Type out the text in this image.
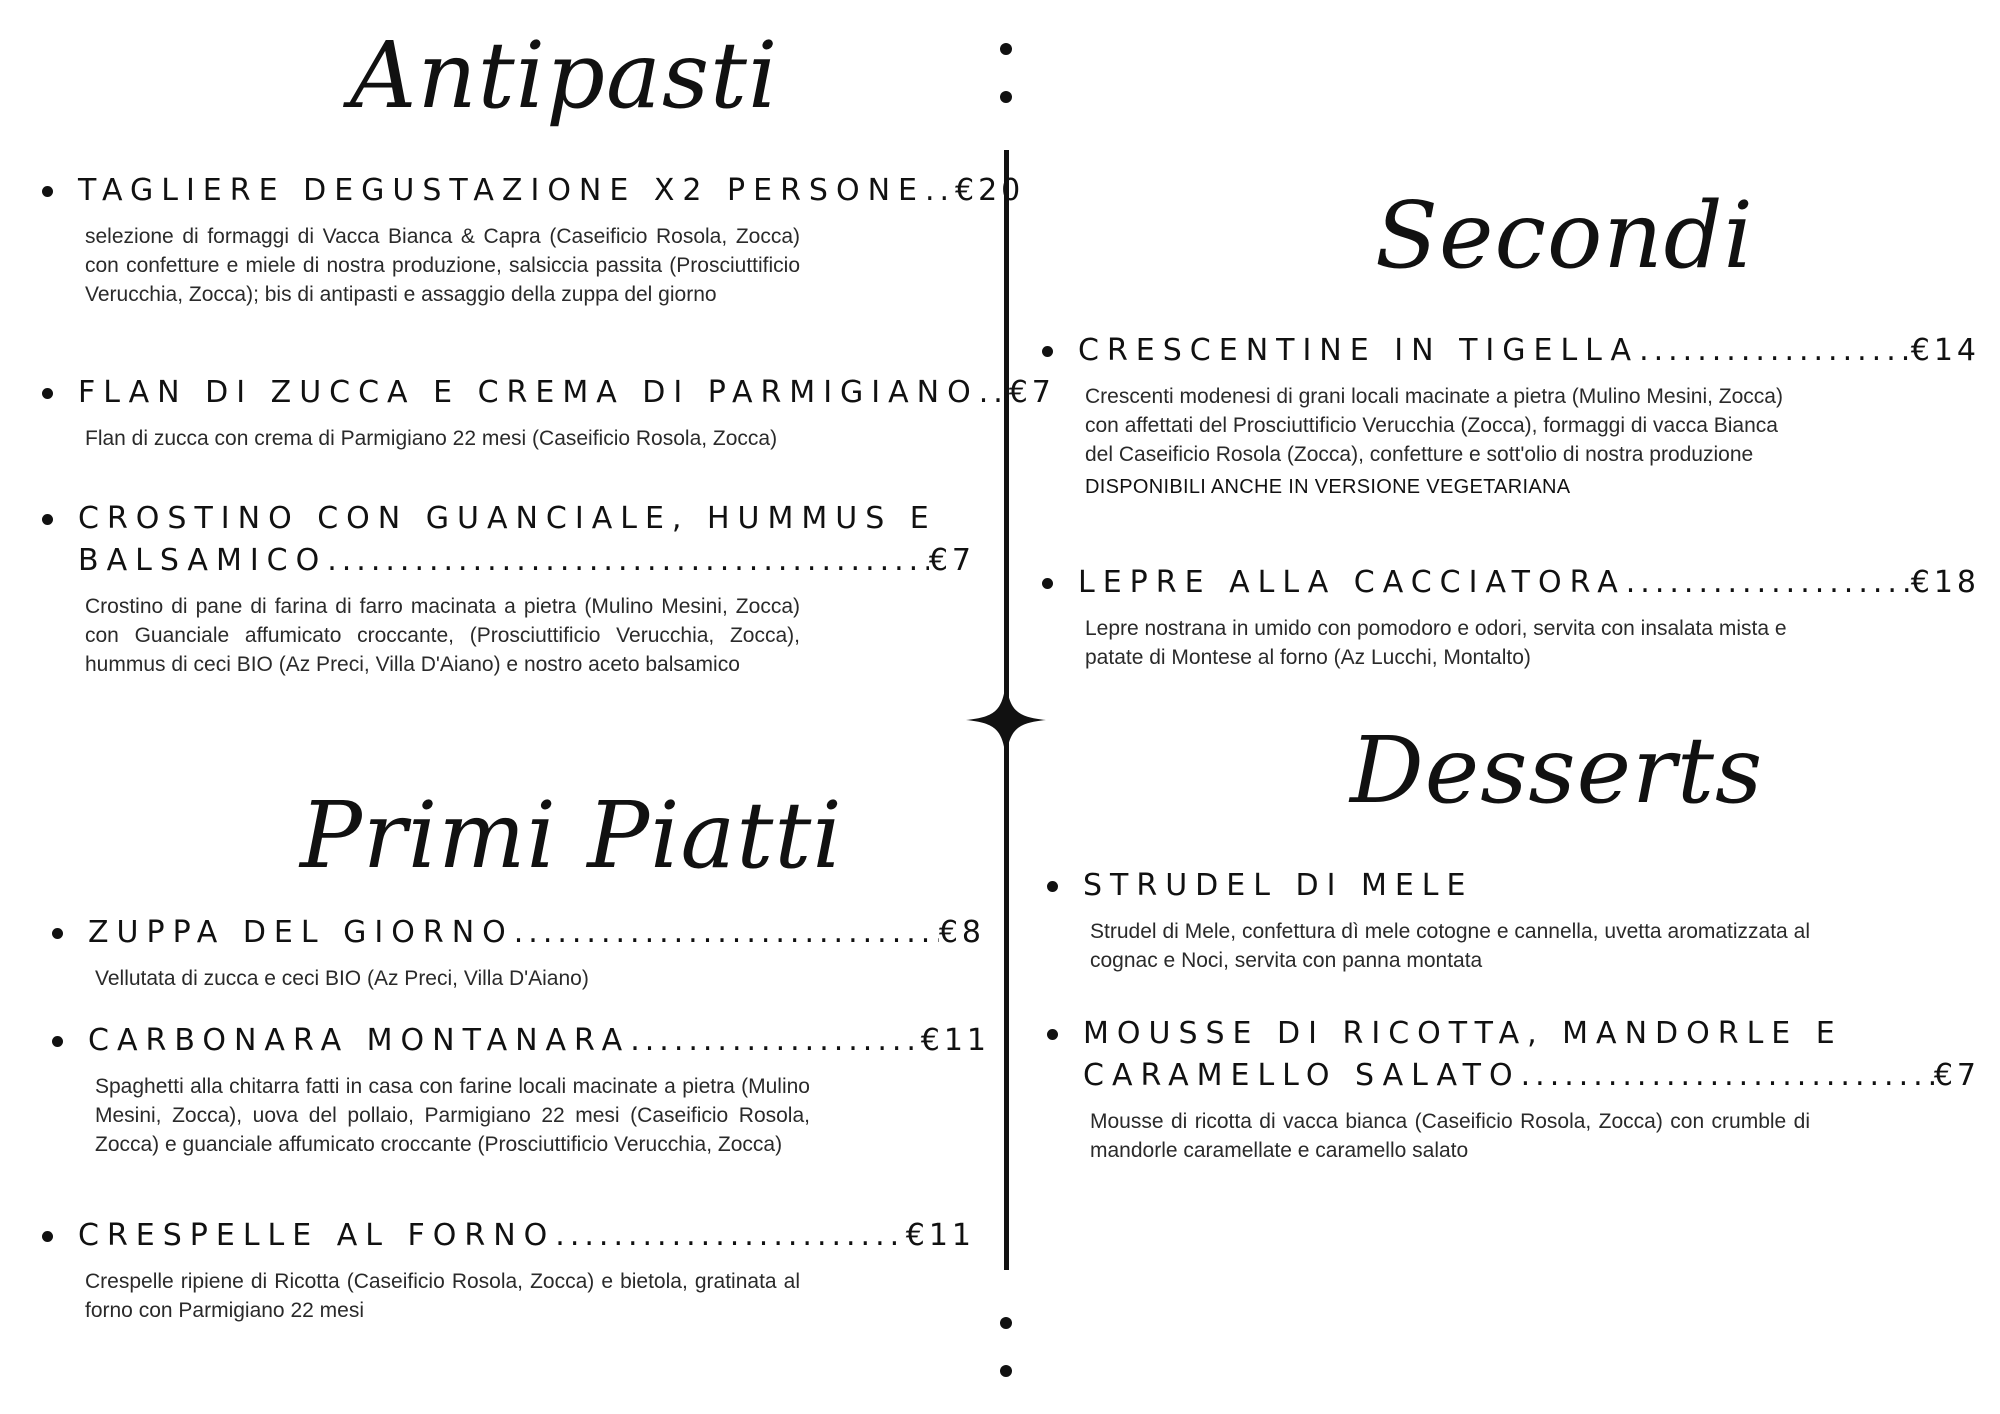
Antipasti
Primi Piatti
Secondi
Desserts
TAGLIERE DEGUSTAZIONE X2 PERSONE ..... €20

selezione di formaggi di Vacca Bianca & Capra (Caseificio Rosola, Zocca) con confetture e miele di nostra produzione, salsiccia passita (Prosciuttificio Verucchia, Zocca); bis di antipasti e assaggio della zuppa del giorno

FLAN DI ZUCCA E CREMA DI PARMIGIANO ..... €7

Flan di zucca con crema di Parmigiano 22 mesi (Caseificio Rosola, Zocca)

CROSTINO CON GUANCIALE, HUMMUS E
BALSAMICO .....	€7

Crostino di pane di farina di farro macinata a pietra (Mulino Mesini, Zocca) con Guanciale affumicato croccante, (Prosciuttificio Verucchia, Zocca), hummus di ceci BIO (Az Preci, Villa D'Aiano) e nostro aceto balsamico

ZUPPA DEL GIORNO .....	€8

Vellutata di zucca e ceci BIO (Az Preci, Villa D'Aiano)

CARBONARA MONTANARA .....	€11

Spaghetti alla chitarra fatti in casa con farine locali macinate a pietra (Mulino Mesini, Zocca), uova del pollaio, Parmigiano 22 mesi (Caseificio Rosola, Zocca) e guanciale affumicato croccante (Prosciuttificio Verucchia, Zocca)

CRESPELLE AL FORNO .....	€11

Crespelle ripiene di Ricotta (Caseificio Rosola, Zocca) e bietola, gratinata al forno con Parmigiano 22 mesi

CRESCENTINE IN TIGELLA .....	€14

Crescenti modenesi di grani locali macinate a pietra (Mulino Mesini, Zocca) con affettati del Prosciuttificio Verucchia (Zocca), formaggi di vacca Bianca del Caseificio Rosola (Zocca), confetture e sott'olio di nostra produzione

DISPONIBILI ANCHE IN VERSIONE VEGETARIANA

LEPRE ALLA CACCIATORA .....	€18

Lepre nostrana in umido con pomodoro e odori, servita con insalata mista e patate di Montese al forno (Az Lucchi, Montalto)

STRUDEL DI MELE

Strudel di Mele, confettura dì mele cotogne e cannella, uvetta aromatizzata al cognac e Noci, servita con panna montata

MOUSSE DI RICOTTA, MANDORLE E
CARAMELLO SALATO .....	€7

Mousse di ricotta di vacca bianca (Caseificio Rosola, Zocca) con crumble di mandorle caramellate e caramello salato
